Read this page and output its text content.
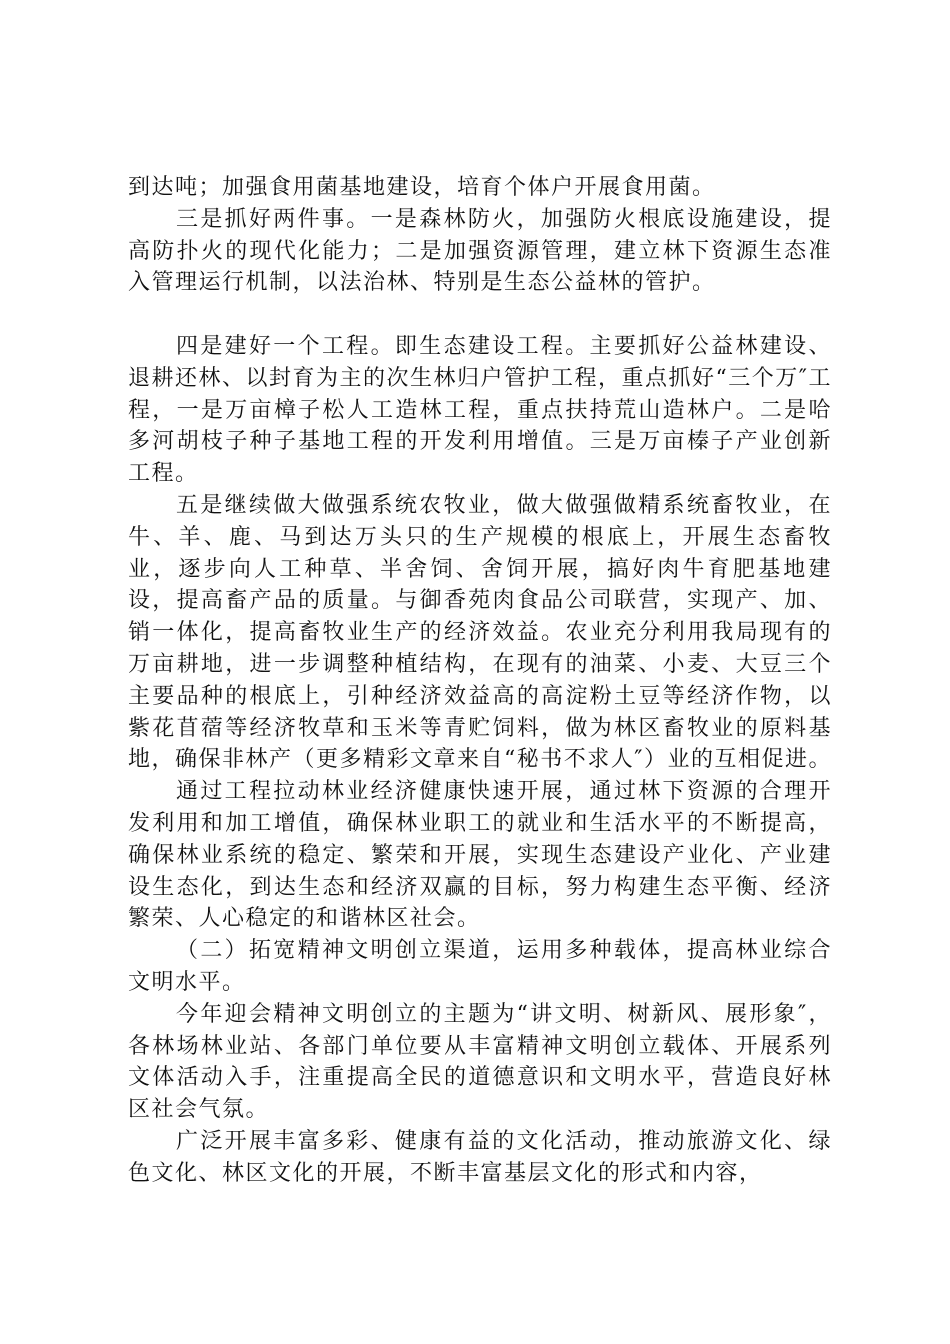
到达吨；加强食用菌基地建设，培育个体户开展食用菌。

三是抓好两件事。一是森林防火，加强防火根底设施建设，提高防扑火的现代化能力；二是加强资源管理，建立林下资源生态准入管理运行机制，以法治林、特别是生态公益林的管护。

四是建好一个工程。即生态建设工程。主要抓好公益林建设、退耕还林、以封育为主的次生林归户管护工程，重点抓好“三个万″工程，一是万亩樟子松人工造林工程，重点扶持荒山造林户。二是哈多河胡枝子种子基地工程的开发利用增值。三是万亩榛子产业创新工程。

五是继续做大做强系统农牧业，做大做强做精系统畜牧业，在牛、羊、鹿、马到达万头只的生产规模的根底上，开展生态畜牧业，逐步向人工种草、半舍饲、舍饲开展，搞好肉牛育肥基地建设，提高畜产品的质量。与御香苑肉食品公司联营，实现产、加、销一体化，提高畜牧业生产的经济效益。农业充分利用我局现有的万亩耕地，进一步调整种植结构，在现有的油菜、小麦、大豆三个主要品种的根底上，引种经济效益高的高淀粉土豆等经济作物，以紫花苜蓿等经济牧草和玉米等青贮饲料，做为林区畜牧业的原料基地，确保非林产（更多精彩文章来自“秘书不求人″）业的互相促进。

通过工程拉动林业经济健康快速开展，通过林下资源的合理开发利用和加工增值，确保林业职工的就业和生活水平的不断提高，确保林业系统的稳定、繁荣和开展，实现生态建设产业化、产业建设生态化，到达生态和经济双赢的目标，努力构建生态平衡、经济繁荣、人心稳定的和谐林区社会。

（二）拓宽精神文明创立渠道，运用多种载体，提高林业综合文明水平。

今年迎会精神文明创立的主题为“讲文明、树新风、展形象″，各林场林业站、各部门单位要从丰富精神文明创立载体、开展系列文体活动入手，注重提高全民的道德意识和文明水平，营造良好林区社会气氛。

广泛开展丰富多彩、健康有益的文化活动，推动旅游文化、绿色文化、林区文化的开展，不断丰富基层文化的形式和内容，
